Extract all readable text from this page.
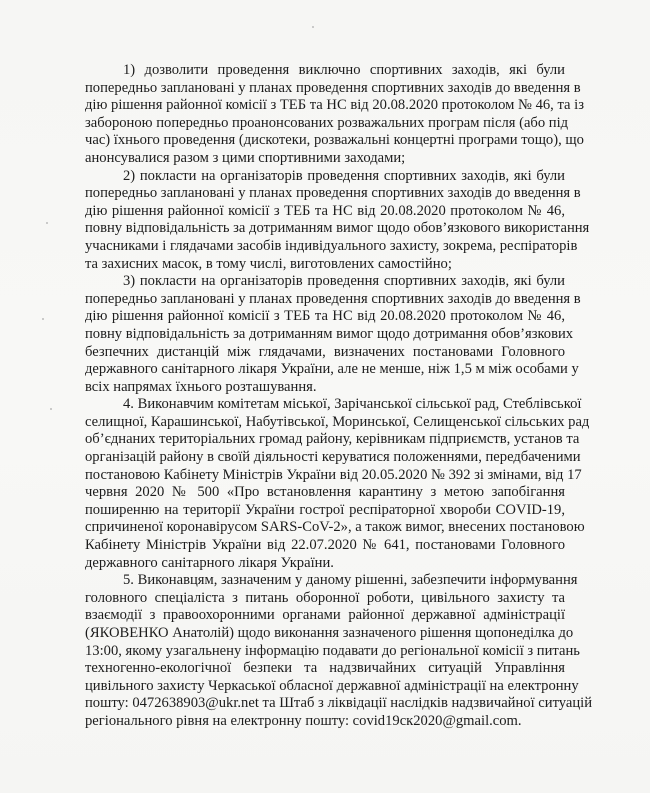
1) дозволити проведення виключно спортивних заходів, які були
попередньо заплановані у планах проведення спортивних заходів до введення в
дію рішення районної комісії з ТЕБ та НС від 20.08.2020 протоколом № 46, та із
забороною попередньо проанонсованих розважальних програм після (або під
час) їхнього проведення (дискотеки, розважальні концертні програми тощо), що
анонсувалися разом з цими спортивними заходами;
2) покласти на організаторів проведення спортивних заходів, які були
попередньо заплановані у планах проведення спортивних заходів до введення в
дію рішення районної комісії з ТЕБ та НС від 20.08.2020 протоколом № 46,
повну відповідальність за дотриманням вимог щодо обов’язкового використання
учасниками і глядачами засобів індивідуального захисту, зокрема, респіраторів
та захисних масок, в тому числі, виготовлених самостійно;
3) покласти на організаторів проведення спортивних заходів, які були
попередньо заплановані у планах проведення спортивних заходів до введення в
дію рішення районної комісії з ТЕБ та НС від 20.08.2020 протоколом № 46,
повну відповідальність за дотриманням вимог щодо дотримання обов’язкових
безпечних дистанцій між глядачами, визначених постановами Головного
державного санітарного лікаря України, але не менше, ніж 1,5 м між особами у
всіх напрямах їхнього розташування.
4. Виконавчим комітетам міської, Зарічанської сільської рад, Стеблівської
селищної, Карашинської, Набутівської, Моринської, Селищенської сільських рад
об’єднаних територіальних громад району, керівникам підприємств, установ та
організацій району в своїй діяльності керуватися положеннями, передбаченими
постановою Кабінету Міністрів України від 20.05.2020 № 392 зі змінами, від 17
червня 2020 № 500 «Про встановлення карантину з метою запобігання
поширенню на території України гострої респіраторної хвороби COVID-19,
спричиненої коронавірусом SARS-CoV-2», а також вимог, внесених постановою
Кабінету Міністрів України від 22.07.2020 № 641, постановами Головного
державного санітарного лікаря України.
5. Виконавцям, зазначеним у даному рішенні, забезпечити інформування
головного спеціаліста з питань оборонної роботи, цивільного захисту та
взаємодії з правоохоронними органами районної державної адміністрації
(ЯКОВЕНКО Анатолій) щодо виконання зазначеного рішення щопонеділка до
13:00, якому узагальнену інформацію подавати до регіональної комісії з питань
техногенно-екологічної безпеки та надзвичайних ситуацій Управління
цивільного захисту Черкаської обласної державної адміністрації на електронну
пошту: 0472638903@ukr.net та Штаб з ліквідації наслідків надзвичайної ситуацій
регіонального рівня на електронну пошту: covid19ск2020@gmail.com.
